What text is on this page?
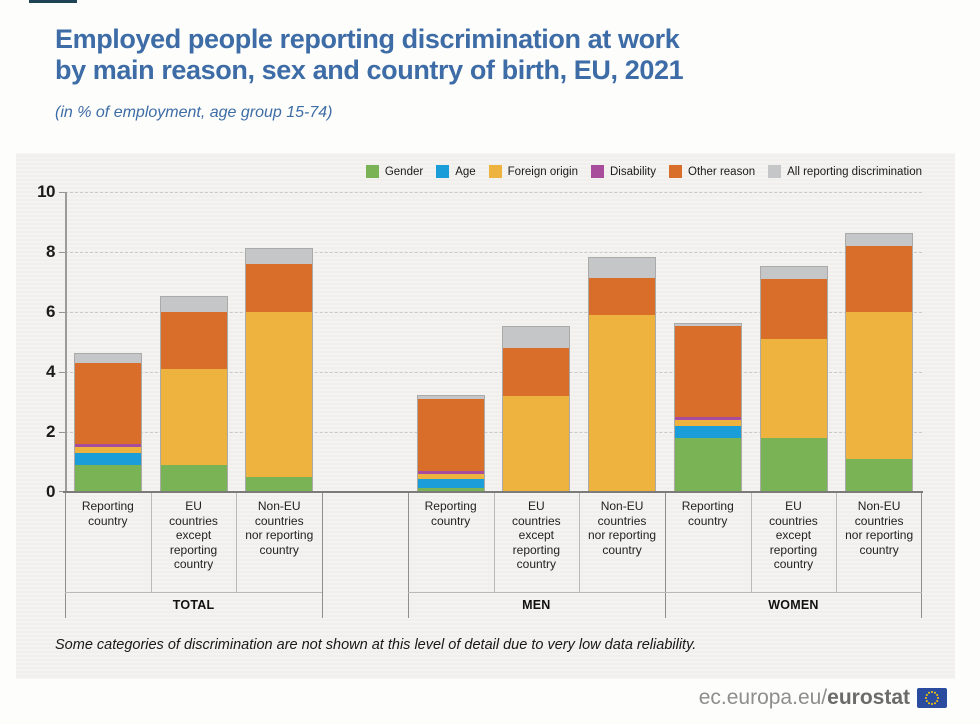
Employed people reporting discrimination at work
by main reason, sex and country of birth, EU, 2021
(in % of employment, age group 15-74)
Gender	Age	Foreign origin	Disability	Other reason	All reporting discrimination
0
2
4
6
8
10
Reporting
country
EU
countries
except
reporting
country
Non-EU
countries
nor reporting
country
TOTAL
Reporting
country
EU
countries
except
reporting
country
Non-EU
countries
nor reporting
country
MEN
Reporting
country
EU
countries
except
reporting
country
Non-EU
countries
nor reporting
country
WOMEN
Some categories of discrimination are not shown at this level of detail due to very low data reliability.
ec.europa.eu/ eurostat
